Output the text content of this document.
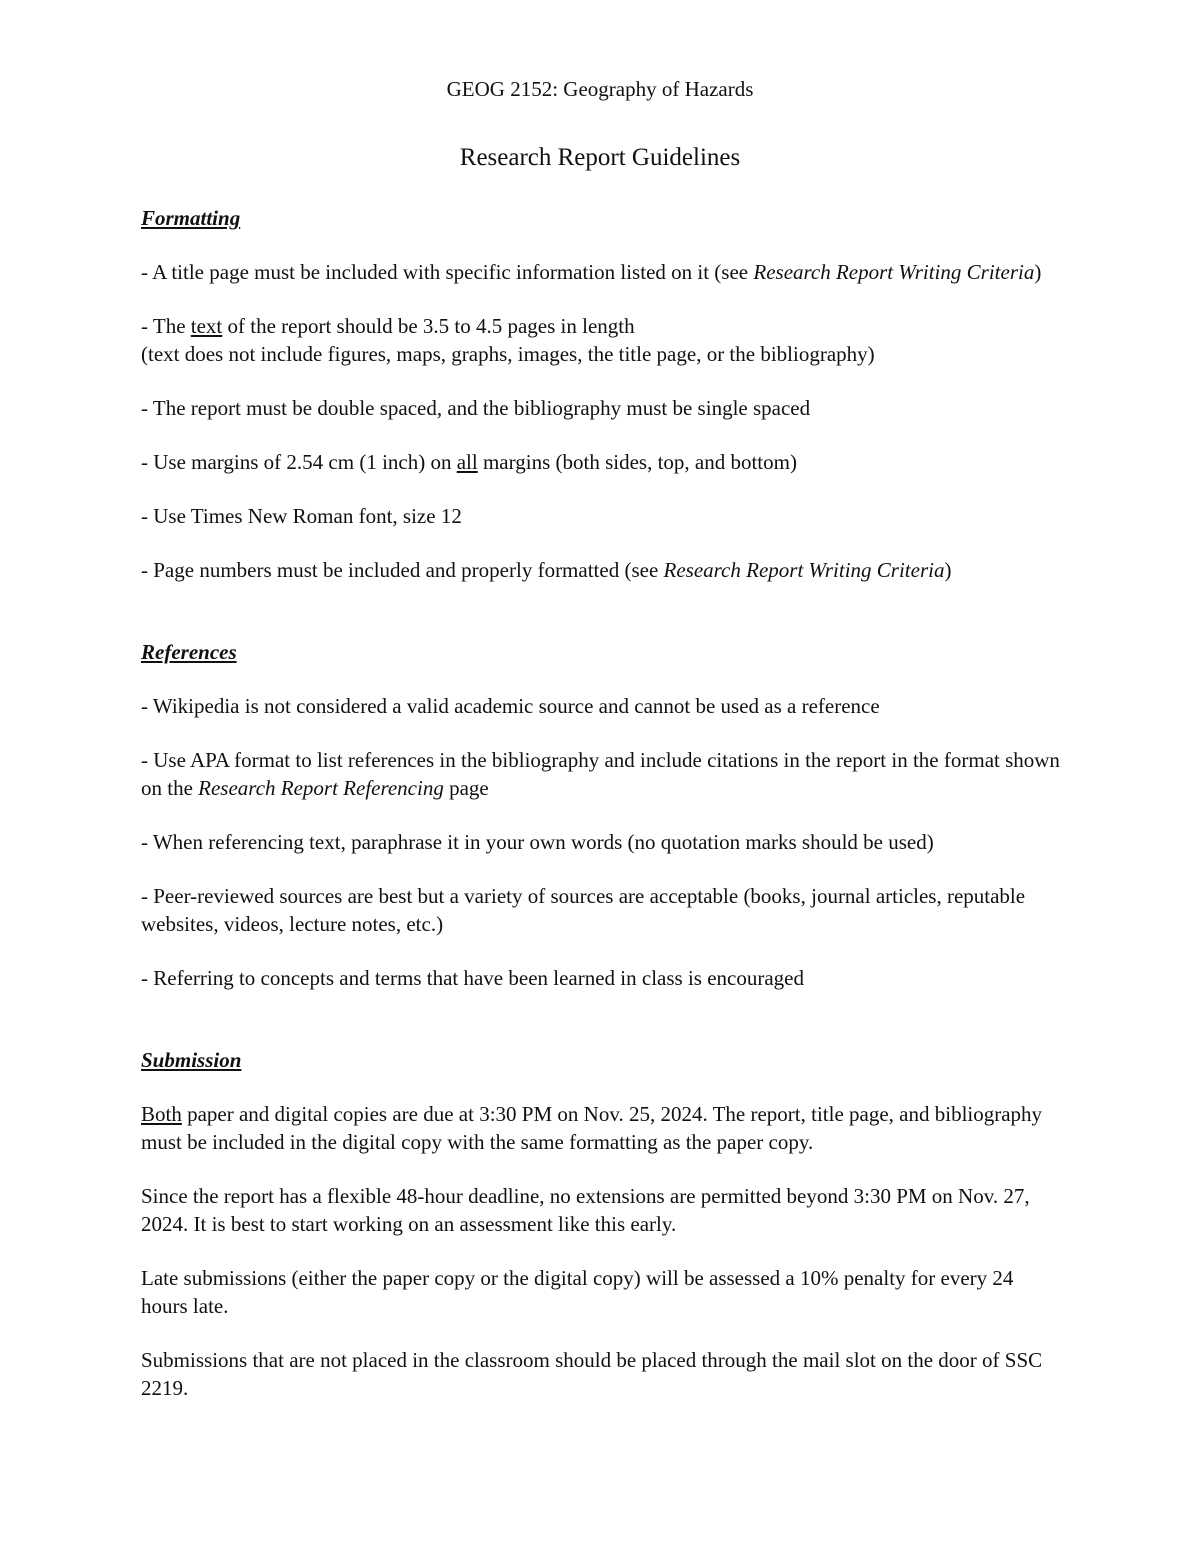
GEOG 2152: Geography of Hazards
Research Report Guidelines

Formatting

- A title page must be included with specific information listed on it (see Research Report Writing Criteria)

- The text of the report should be 3.5 to 4.5 pages in length
(text does not include figures, maps, graphs, images, the title page, or the bibliography)

- The report must be double spaced, and the bibliography must be single spaced

- Use margins of 2.54 cm (1 inch) on all margins (both sides, top, and bottom)

- Use Times New Roman font, size 12

- Page numbers must be included and properly formatted (see Research Report Writing Criteria)

References

- Wikipedia is not considered a valid academic source and cannot be used as a reference

- Use APA format to list references in the bibliography and include citations in the report in the format shown on the Research Report Referencing page

- When referencing text, paraphrase it in your own words (no quotation marks should be used)

- Peer-reviewed sources are best but a variety of sources are acceptable (books, journal articles, reputable websites, videos, lecture notes, etc.)

- Referring to concepts and terms that have been learned in class is encouraged

Submission

Both paper and digital copies are due at 3:30 PM on Nov. 25, 2024. The report, title page, and bibliography must be included in the digital copy with the same formatting as the paper copy.

Since the report has a flexible 48-hour deadline, no extensions are permitted beyond 3:30 PM on Nov. 27, 2024. It is best to start working on an assessment like this early.

Late submissions (either the paper copy or the digital copy) will be assessed a 10% penalty for every 24 hours late.

Submissions that are not placed in the classroom should be placed through the mail slot on the door of SSC 2219.
